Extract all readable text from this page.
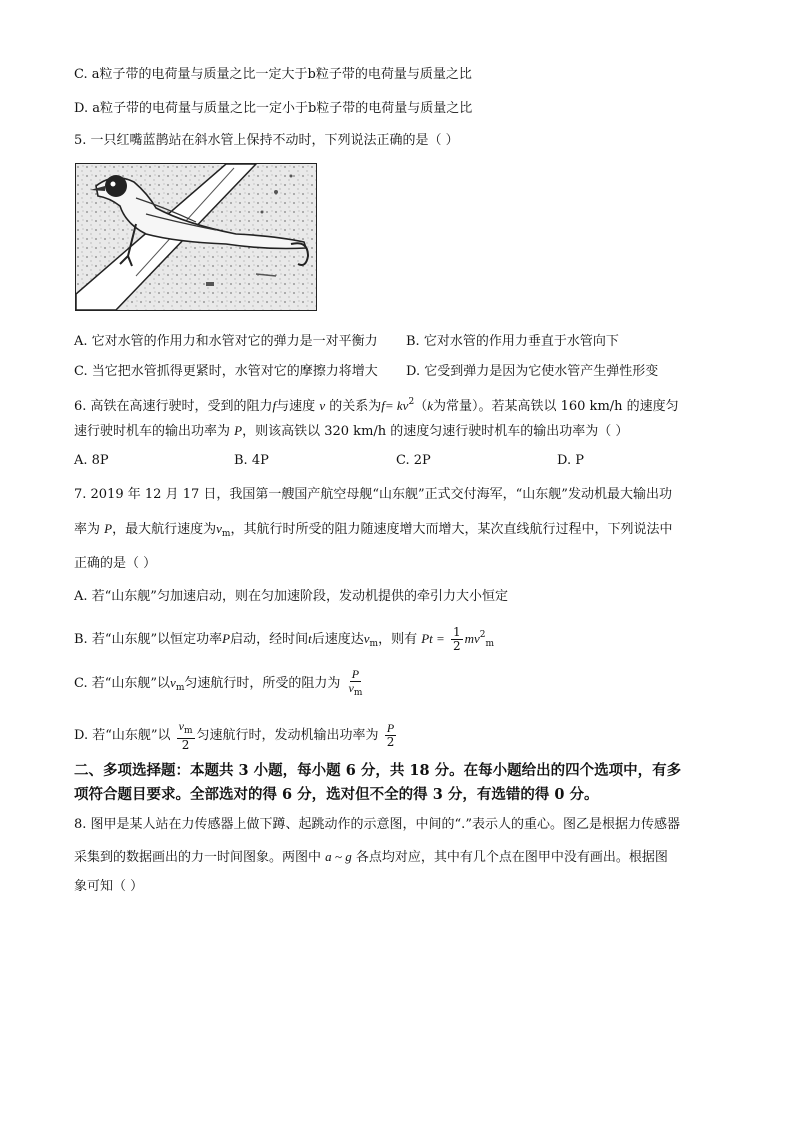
C. a粒子带的电荷量与质量之比一定大于b粒子带的电荷量与质量之比
D. a粒子带的电荷量与质量之比一定小于b粒子带的电荷量与质量之比
5. 一只红嘴蓝鹊站在斜水管上保持不动时，下列说法正确的是（ ）
A. 它对水管的作用力和水管对它的弹力是一对平衡力 B. 它对水管的作用力垂直于水管向下
C. 当它把水管抓得更紧时，水管对它的摩擦力将增大 D. 它受到弹力是因为它使水管产生弹性形变
6. 高铁在高速行驶时，受到的阻力f与速度 v 的关系为$f= kv^2(k$为常量）。若某高铁以 160 km/h 的速度匀
速行驶时机车的输出功率为 P，则该高铁以 320 km/h 的速度匀速行驶时机车的输出功率为（ ）
A. 8P	B. 4P	C. 2P	D. P
7. 2019 年 12 月 17 日，我国第一艘国产航空母舰“山东舰”正式交付海军，“山东舰”发动机最大输出功
率为 P，最大航行速度为$v_m$，其航行时所受的阻力随速度增大而增大，某次直线航行过程中，下列说法中
正确的是（ ）
A. 若“山东舰”匀加速启动，则在匀加速阶段，发动机提供的牵引力大小恒定
B. 若“山东舰”以恒定功率P启动，经时间t后速度达$v_m$，则有 $Pt = \frac{1}{2} mv^2_m$
C. 若“山东舰”以$v_m$匀速航行时，所受的阻力为 $\frac{P}{v_m}$
D. 若“山东舰”以 $\frac{v_m}{2}$ 匀速航行时，发动机输出功率为 $\frac{P}{2}$
二、多项选择题：本题共 3 小题，每小题 6 分，共 18 分。在每小题给出的四个选项中，有多
项符合题目要求。全部选对的得 6 分，选对但不全的得 3 分，有选错的得 0 分。
8. 图甲是某人站在力传感器上做下蹲、起跳动作的示意图，中间的“.”表示人的重心。图乙是根据力传感器
采集到的数据画出的力一时间图象。两图中 a ~ g 各点均对应，其中有几个点在图甲中没有画出。根据图
象可知（ ）
